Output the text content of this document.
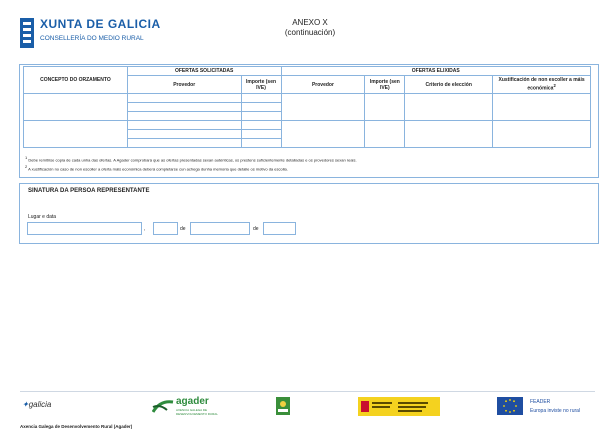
XUNTA DE GALICIA
CONSELLERÍA DO MEDIO RURAL
ANEXO X
(continuación)
CONCEPTO DO ORZAMENTO	OFERTAS SOLICITADAS		OFERTAS ELIXIDAS			
	Provedor	Importe (sen IVE)	Provedor	Importe (sen IVE)	Criterio de elección	Xustificación de non escoller a máis económica$^2$

$^1$ Debe remitirse copia de cada unha das ofertas. A Agader comprobará que as ofertas presentadas sexan auténticas, os prestens suficientemente detalladas e os provedores sexan reais.
$^2$ A xustificación no caso de non escoller a oferta máis económica deberá completarse cun achega dunha memoria que detalle os motivo da escolla.
SINATURA DA PERSOA REPRESENTANTE
Lugar e data
,	de	de
✦galicia	agader
AXENCIA GALEGA DE DESENVOLVEMENTO RURAL
FEADER
Europa inviste no rural
Axencia Galega de Desenvolvemento Rural (Agader)
